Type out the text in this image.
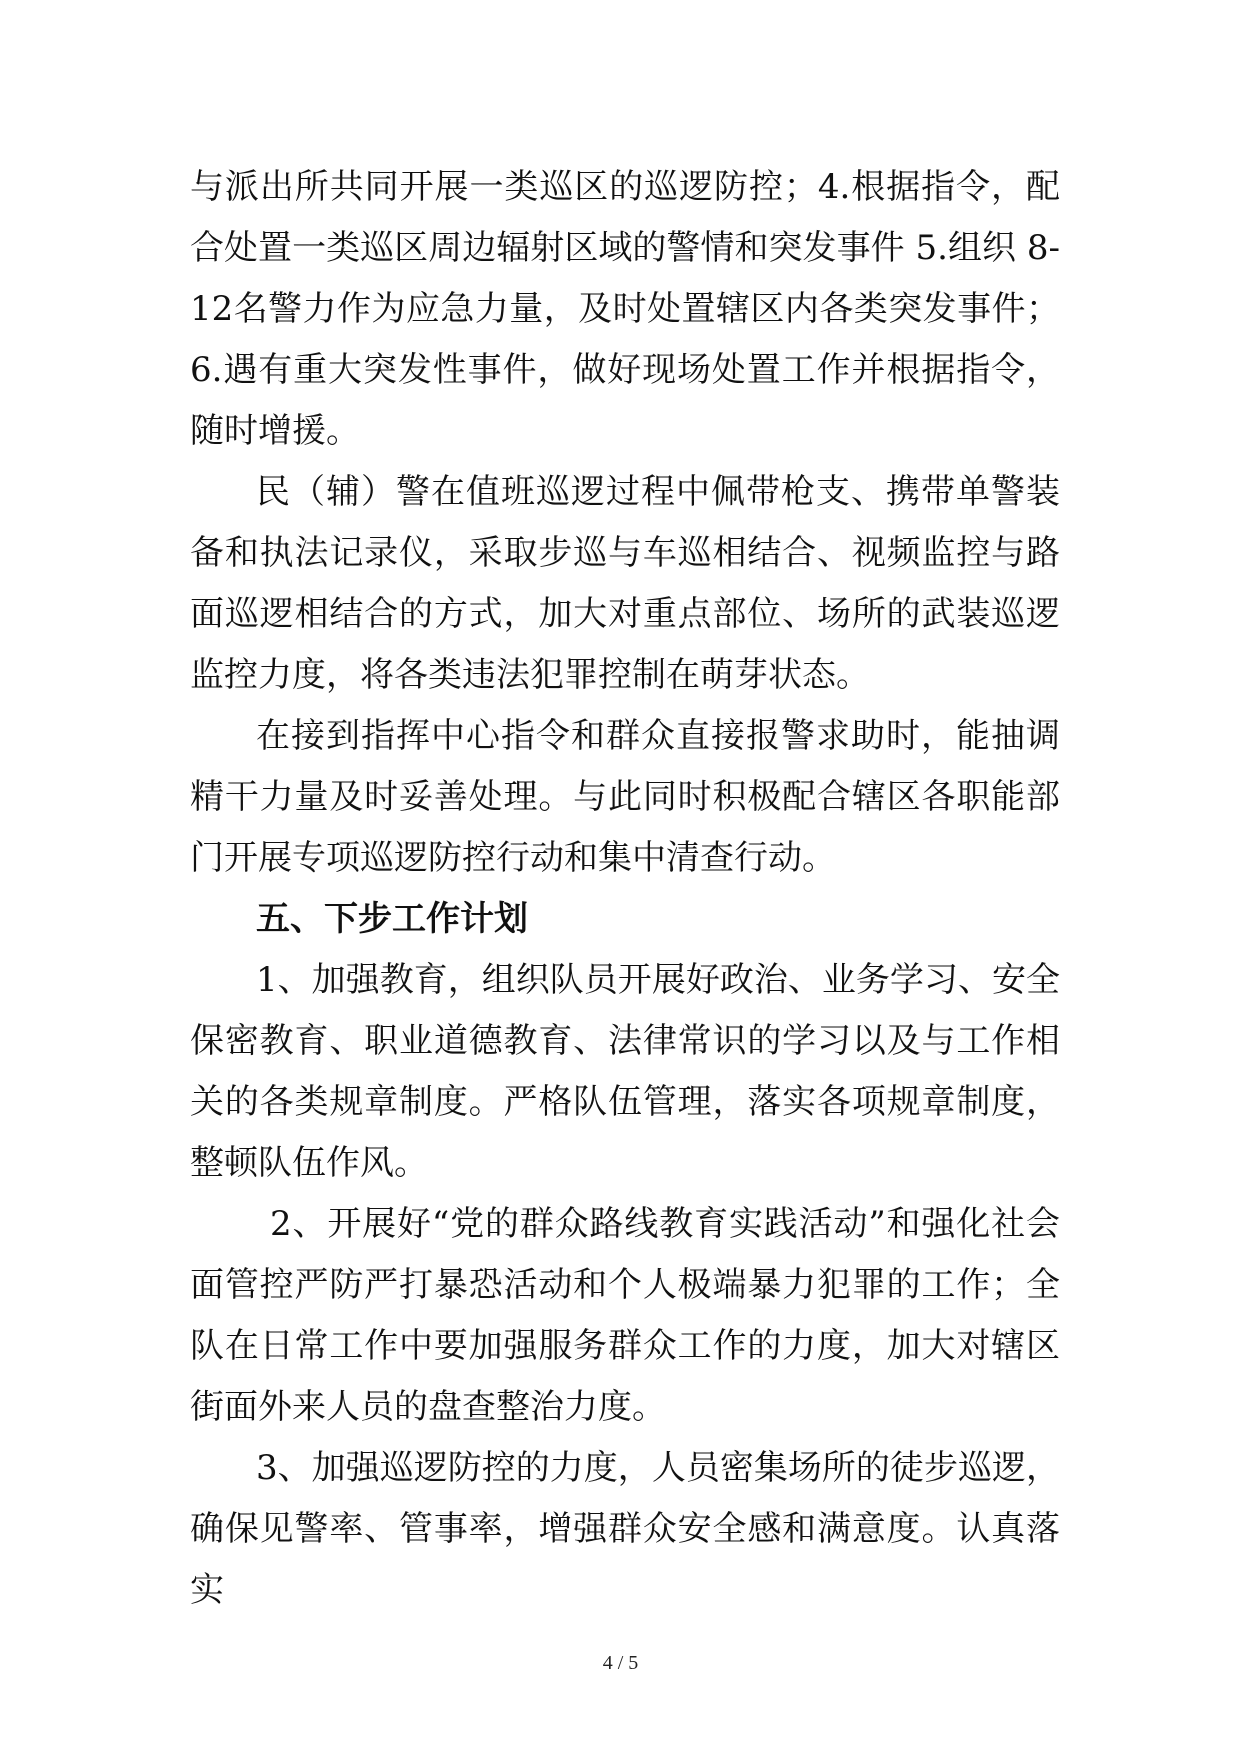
与派出所共同开展一类巡区的巡逻防控；4.根据指令，配合处置一类巡区周边辐射区域的警情和突发事件 5.组织 8-12名警力作为应急力量，及时处置辖区内各类突发事件；6.遇有重大突发性事件，做好现场处置工作并根据指令，随时增援。

民（辅）警在值班巡逻过程中佩带枪支、携带单警装备和执法记录仪，采取步巡与车巡相结合、视频监控与路面巡逻相结合的方式，加大对重点部位、场所的武装巡逻监控力度，将各类违法犯罪控制在萌芽状态。

在接到指挥中心指令和群众直接报警求助时，能抽调精干力量及时妥善处理。与此同时积极配合辖区各职能部门开展专项巡逻防控行动和集中清查行动。

五、下步工作计划

1、加强教育，组织队员开展好政治、业务学习、安全保密教育、职业道德教育、法律常识的学习以及与工作相关的各类规章制度。严格队伍管理，落实各项规章制度，整顿队伍作风。

2、开展好“党的群众路线教育实践活动”和强化社会面管控严防严打暴恐活动和个人极端暴力犯罪的工作；全队在日常工作中要加强服务群众工作的力度，加大对辖区街面外来人员的盘查整治力度。

3、加强巡逻防控的力度，人员密集场所的徒步巡逻，确保见警率、管事率，增强群众安全感和满意度。认真落实

4 / 5
